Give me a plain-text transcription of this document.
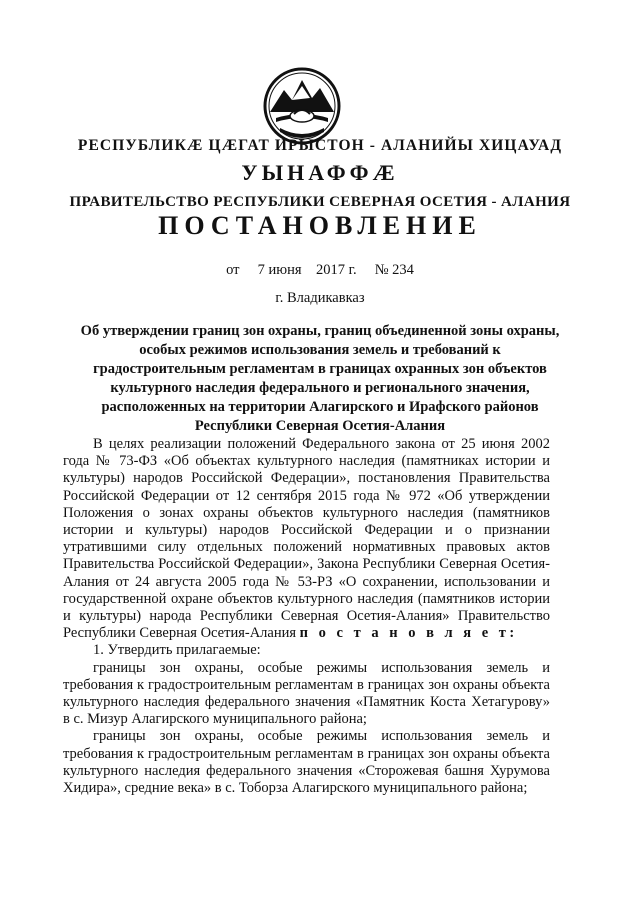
РЕСПУБЛИКӔ ЦӔГАТ ИРЫСТОН - АЛАНИЙЫ ХИЦАУАД
УЫНАФФӔ
ПРАВИТЕЛЬСТВО РЕСПУБЛИКИ СЕВЕРНАЯ ОСЕТИЯ - АЛАНИЯ
ПОСТАНОВЛЕНИЕ
от 7 июня 2017 г. № 234
г. Владикавказ
Об утверждении границ зон охраны, границ объединенной зоны охраны, особых режимов использования земель и требований к градостроительным регламентам в границах охранных зон объектов культурного наследия федерального и регионального значения, расположенных на территории Алагирского и Ирафского районов Республики Северная Осетия-Алания

В целях реализации положений Федерального закона от 25 июня 2002 года № 73-ФЗ «Об объектах культурного наследия (памятниках истории и культуры) народов Российской Федерации», постановления Правительства Российской Федерации от 12 сентября 2015 года № 972 «Об утверждении Положения о зонах охраны объектов культурного наследия (памятников истории и культуры) народов Российской Федерации и о признании утратившими силу отдельных положений нормативных правовых актов Правительства Российской Федерации», Закона Республики Северная Осетия-Алания от 24 августа 2005 года № 53-РЗ «О сохранении, использовании и государственной охране объектов культурного наследия (памятников истории и культуры) народа Республики Северная Осетия-Алания» Правительство Республики Северная Осетия-Алания п о с т а н о в л я е т:

1. Утвердить прилагаемые:

границы зон охраны, особые режимы использования земель и требования к градостроительным регламентам в границах зон охраны объекта культурного наследия федерального значения «Памятник Коста Хетагурову» в с. Мизур Алагирского муниципального района;

границы зон охраны, особые режимы использования земель и требования к градостроительным регламентам в границах зон охраны объекта культурного наследия федерального значения «Сторожевая башня Хурумова Хидира», средние века» в с. Тоборза Алагирского муниципального района;
